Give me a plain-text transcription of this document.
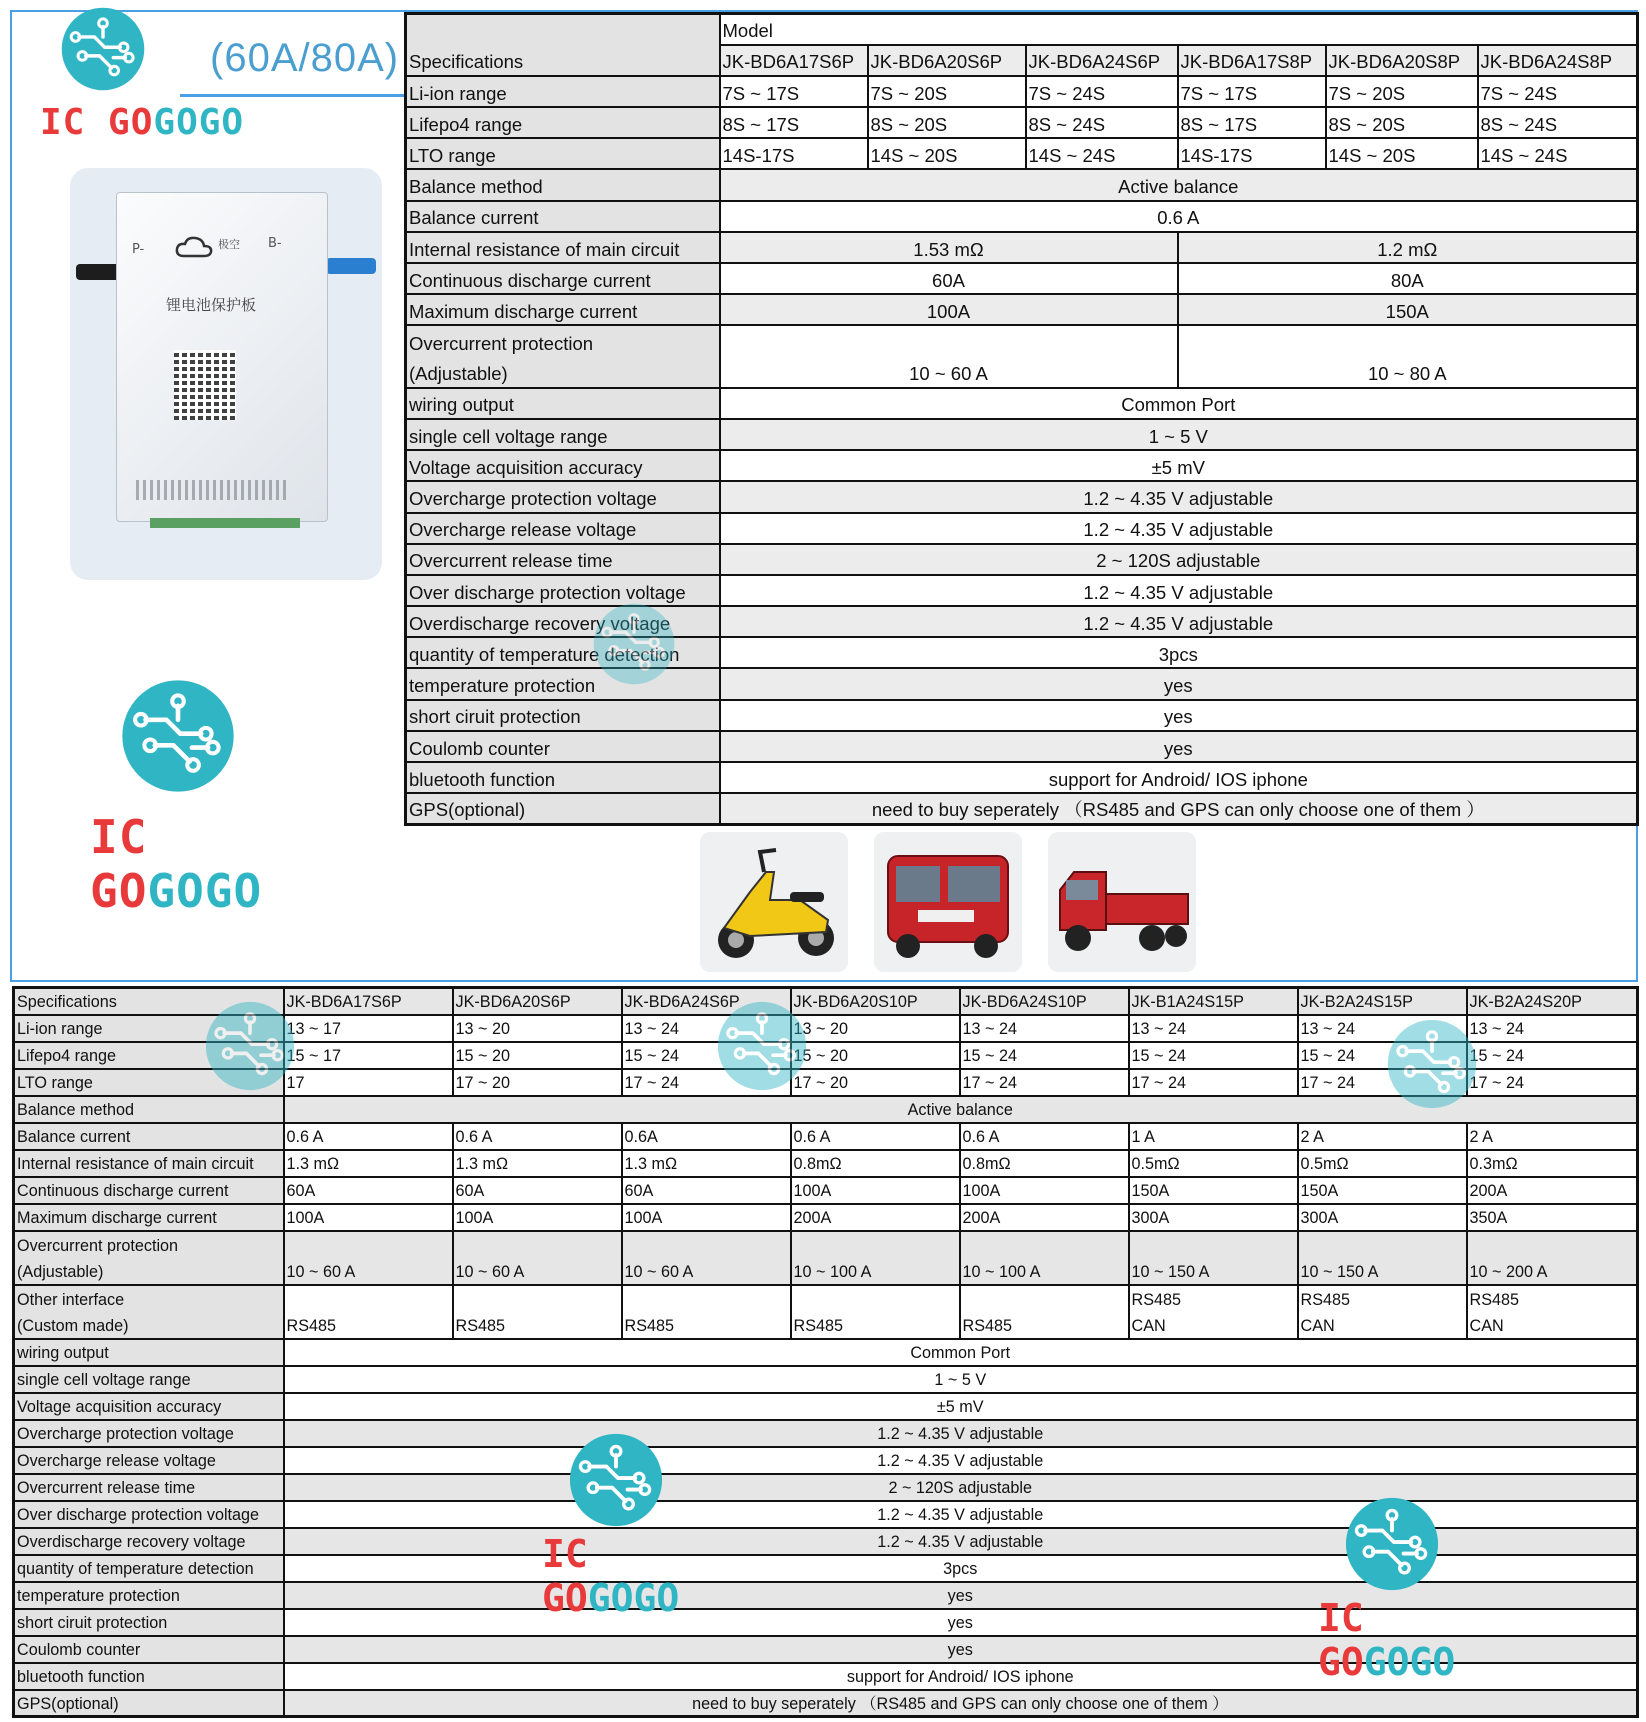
(60A/80A)
IC GOGOGO
P-	B-
极空
锂电池保护板
IC GOGOGO
Specifications	Model					
	JK-BD6A17S6P	JK-BD6A20S6P	JK-BD6A24S6P	JK-BD6A17S8P	JK-BD6A20S8P	JK-BD6A24S8P
Li-ion range	7S ~ 17S	7S ~ 20S	7S ~ 24S	7S ~ 17S	7S ~ 20S	7S ~ 24S
Lifepo4 range	8S ~ 17S	8S ~ 20S	8S ~ 24S	8S ~ 17S	8S ~ 20S	8S ~ 24S
LTO range	14S-17S	14S ~ 20S	14S ~ 24S	14S-17S	14S ~ 20S	14S ~ 24S
Balance method	Active balance					
Balance current	0.6 A					
Internal resistance of main circuit	1.53 mΩ			1.2 mΩ		
Continuous discharge current	60A			80A		
Maximum discharge current	100A			150A		
Overcurrent protection	10 ~ 60 A			10 ~ 80 A		
(Adjustable)						
wiring output	Common Port					
single cell voltage range	1 ~ 5 V					
Voltage acquisition accuracy	±5 mV					
Overcharge protection voltage	1.2 ~ 4.35 V adjustable					
Overcharge release voltage	1.2 ~ 4.35 V adjustable					
Overcurrent release time	2 ~ 120S adjustable					
Over discharge protection voltage	1.2 ~ 4.35 V adjustable					
Overdischarge recovery voltage	1.2 ~ 4.35 V adjustable					
quantity of temperature detection	3pcs					
temperature protection	yes					
short ciruit protection	yes					
Coulomb counter	yes					
bluetooth function	support for Android/ IOS iphone					
GPS(optional)	need to buy seperately （RS485 and GPS can only choose one of them ）					
Specifications	JK-BD6A17S6P	JK-BD6A20S6P	JK-BD6A24S6P	JK-BD6A20S10P	JK-BD6A24S10P	JK-B1A24S15P	JK-B2A24S15P	JK-B2A24S20P
Li-ion range	13 ~ 17	13 ~ 20	13 ~ 24	13 ~ 20	13 ~ 24	13 ~ 24	13 ~ 24	13 ~ 24
Lifepo4 range	15 ~ 17	15 ~ 20	15 ~ 24	15 ~ 20	15 ~ 24	15 ~ 24	15 ~ 24	15 ~ 24
LTO range	17	17 ~ 20	17 ~ 24	17 ~ 20	17 ~ 24	17 ~ 24	17 ~ 24	17 ~ 24
Balance method	Active balance							
Balance current	0.6 A	0.6 A	0.6A	0.6 A	0.6 A	1 A	2 A	2 A
Internal resistance of main circuit	1.3 mΩ	1.3 mΩ	1.3 mΩ	0.8mΩ	0.8mΩ	0.5mΩ	0.5mΩ	0.3mΩ
Continuous discharge current	60A	60A	60A	100A	100A	150A	150A	200A
Maximum discharge current	100A	100A	100A	200A	200A	300A	300A	350A
Overcurrent protection	10 ~ 60 A	10 ~ 60 A	10 ~ 60 A	10 ~ 100 A	10 ~ 100 A	10 ~ 150 A	10 ~ 150 A	10 ~ 200 A
(Adjustable)								
Other interface						RS485	RS485	RS485
(Custom made)	RS485	RS485	RS485	RS485	RS485	CAN	CAN	CAN
wiring output	Common Port							
single cell voltage range	1 ~ 5 V							
Voltage acquisition accuracy	±5 mV							
Overcharge protection voltage	1.2 ~ 4.35 V adjustable							
Overcharge release voltage	1.2 ~ 4.35 V adjustable							
Overcurrent release time	2 ~ 120S adjustable							
Over discharge protection voltage	1.2 ~ 4.35 V adjustable							
Overdischarge recovery voltage	1.2 ~ 4.35 V adjustable							
quantity of temperature detection	3pcs							
temperature protection	yes							
short ciruit protection	yes							
Coulomb counter	yes							
bluetooth function	support for Android/ IOS iphone							
GPS(optional)	need to buy seperately （RS485 and GPS can only choose one of them ）							
IC GOGOGO	IC GOGOGO
